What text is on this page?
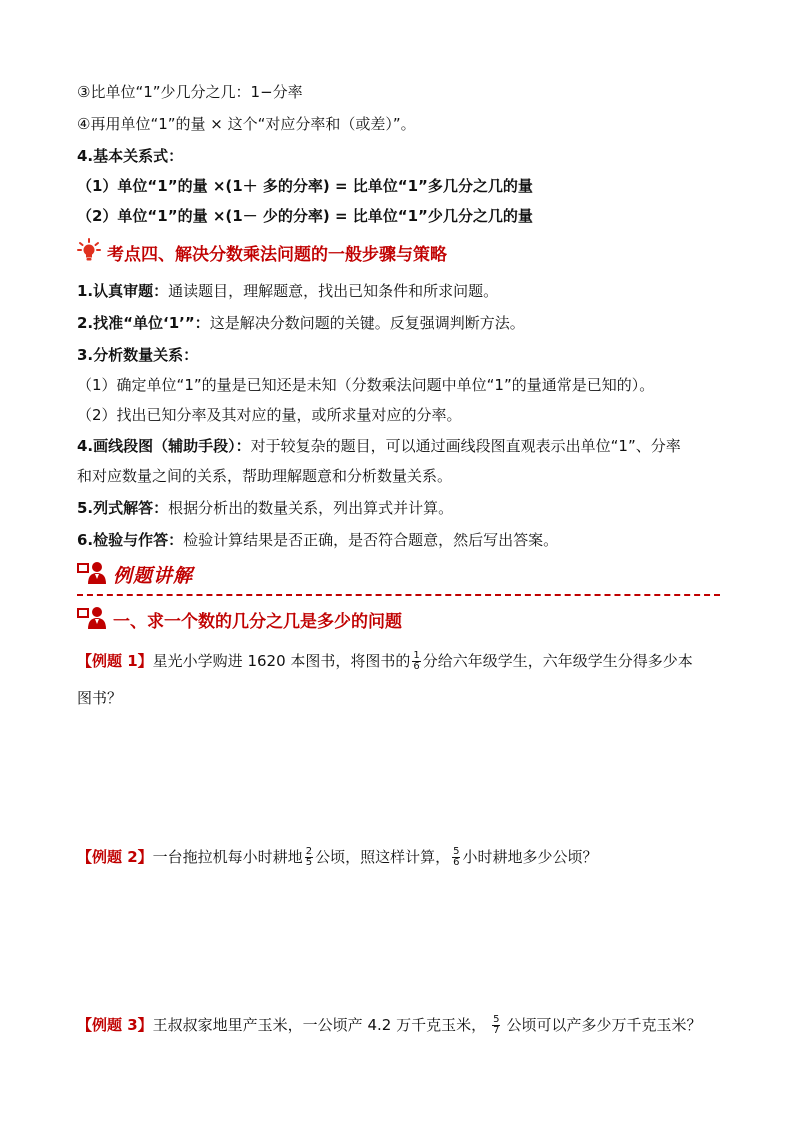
③比单位“1”少几分之几：1−分率
④再用单位“1”的量 × 这个“对应分率和（或差）”。
4.基本关系式：
（1）单位“1”的量 ×(1＋ 多的分率) = 比单位“1”多几分之几的量
（2）单位“1”的量 ×(1－ 少的分率) = 比单位“1”少几分之几的量
考点四、解决分数乘法问题的一般步骤与策略
1.认真审题：通读题目，理解题意，找出已知条件和所求问题。
2.找准“单位‘1’”：这是解决分数问题的关键。反复强调判断方法。
3.分析数量关系：
（1）确定单位“1”的量是已知还是未知（分数乘法问题中单位“1”的量通常是已知的）。
（2）找出已知分率及其对应的量，或所求量对应的分率。
4.画线段图（辅助手段）：对于较复杂的题目，可以通过画线段图直观表示出单位“1”、分率
和对应数量之间的关系，帮助理解题意和分析数量关系。
5.列式解答：根据分析出的数量关系，列出算式并计算。
6.检验与作答：检验计算结果是否正确，是否符合题意，然后写出答案。
例题讲解
一、求一个数的几分之几是多少的问题
【例题 1】星光小学购进 1620 本图书，将图书的 $\frac{1}{6}$ 分给六年级学生，六年级学生分得多少本
图书？
【例题 2】一台拖拉机每小时耕地 $\frac{2}{5}$ 公顷，照这样计算， $\frac{5}{6}$ 小时耕地多少公顷？
【例题 3】王叔叔家地里产玉米，一公顷产 4.2 万千克玉米， $\frac{5}{7}$ 公顷可以产多少万千克玉米？
